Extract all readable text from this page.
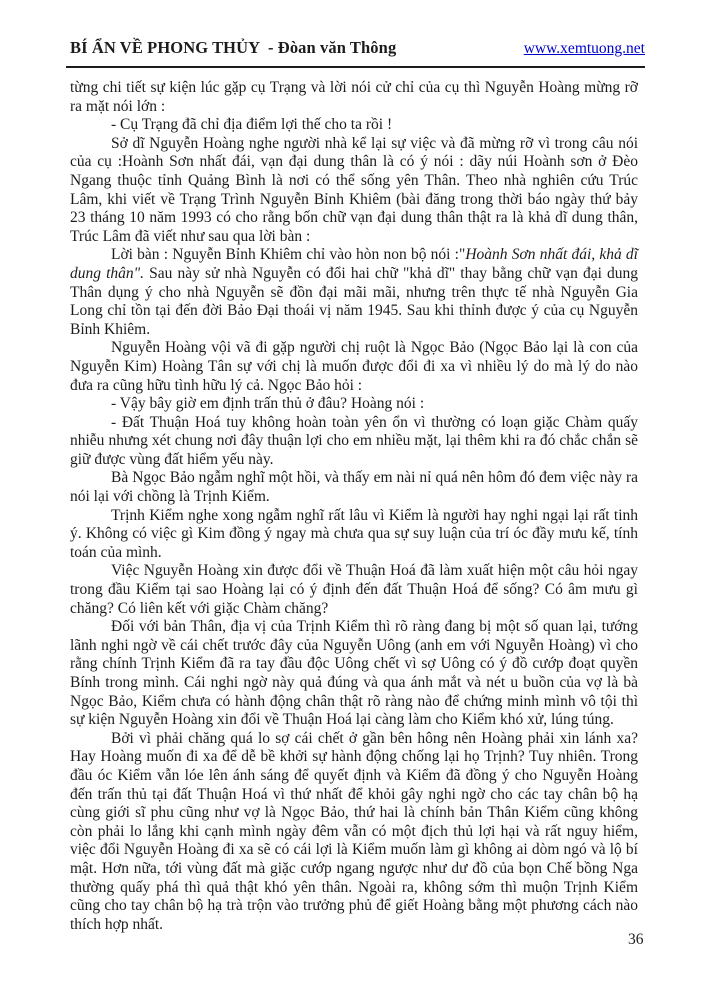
BÍ ẨN VỀ PHONG THỦY  - Đòan văn Thông	www.xemtuong.net

từng chi tiết sự kiện lúc gặp cụ Trạng và lời nói cử chỉ của cụ thì Nguyễn Hoàng mừng rỡ ra mặt nói lớn :

- Cụ Trạng đã chỉ địa điểm lợi thế cho ta rồi !

Sở dĩ Nguyễn Hoàng nghe người nhà kể lại sự việc và đã mừng rỡ vì trong câu nói của cụ :Hoành Sơn nhất đái, vạn đại dung thân là có ý nói : dãy núi Hoành sơn ở Đèo Ngang thuộc tỉnh Quảng Bình là nơi có thể sống yên Thân. Theo nhà nghiên cứu Trúc Lâm, khi viết về Trạng Trình Nguyễn Bỉnh Khiêm (bài đăng trong thời báo ngày thứ bảy 23 tháng 10 năm 1993 có cho rằng bốn chữ vạn đại dung thân thật ra là khả dĩ dung thân, Trúc Lâm đã viết như sau qua lời bàn :

Lời bàn : Nguyễn Bỉnh Khiêm chỉ vào hòn non bộ nói :"Hoành Sơn nhất đái, khả dĩ dung thân". Sau này sử nhà Nguyễn có đổi hai chữ "khả dĩ" thay bằng chữ vạn đại dung Thân dụng ý cho nhà Nguyễn sẽ đồn đại mãi mãi, nhưng trên thực tế nhà Nguyễn Gia Long chỉ tồn tại đến đời Bảo Đại thoái vị năm 1945. Sau khi thỉnh được ý của cụ Nguyễn Bỉnh Khiêm.

Nguyễn Hoàng vội vã đi gặp người chị ruột là Ngọc Bảo (Ngọc Bảo lại là con của Nguyễn Kim) Hoàng Tân sự với chị là muốn được đổi đi xa vì nhiều lý do mà lý do nào đưa ra cũng hữu tình hữu lý cả. Ngọc Bảo hỏi :

- Vậy bây giờ em định trấn thủ ở đâu? Hoàng nói :

- Đất Thuận Hoá tuy không hoàn toàn yên ổn vì thường có loạn giặc Chàm quấy nhiễu nhưng xét chung nơi đây thuận lợi cho em nhiều mặt, lại thêm khi ra đó chắc chắn sẽ giữ được vùng đất hiểm yếu này.

Bà Ngọc Bảo ngẫm nghĩ một hồi, và thấy em nài nỉ quá nên hôm đó đem việc này ra nói lại với chồng là Trịnh Kiểm.

Trịnh Kiểm nghe xong ngẫm nghĩ rất lâu vì Kiểm là người hay nghi ngại lại rất tinh ý. Không có việc gì Kim đồng ý ngay mà chưa qua sự suy luận của trí óc đầy mưu kế, tính toán của mình.

Việc Nguyễn Hoàng xin được đổi về Thuận Hoá đã làm xuất hiện một câu hỏi ngay trong đầu Kiểm tại sao Hoàng lại có ý định đến đất Thuận Hoá để sống? Có âm mưu gì chăng? Có liên kết với giặc Chàm chăng?

Đối với bản Thân, địa vị của Trịnh Kiểm thì rõ ràng đang bị một số quan lại, tướng lãnh nghi ngờ về cái chết trước đây của Nguyễn Uông (anh em với Nguyễn Hoàng) vì cho rằng chính Trịnh Kiểm đã ra tay đầu độc Uông chết vì sợ Uông có ý đồ cướp đoạt quyền Bính trong mình. Cái nghi ngờ này quả đúng và qua ánh mắt và nét u buồn của vợ là bà Ngọc Bảo, Kiểm chưa có hành động chân thật rõ ràng nào để chứng minh mình vô tội thì sự kiện Nguyễn Hoàng xin đổi về Thuận Hoá lại càng làm cho Kiểm khó xử, lúng túng.

Bởi vì phải chăng quá lo sợ cái chết ở gần bên hông nên Hoàng phải xin lánh xa? Hay Hoàng muốn đi xa để dễ bề khởi sự hành động chống lại họ Trịnh? Tuy nhiên. Trong đầu óc Kiểm vẫn lóe lên ánh sáng để quyết định và Kiểm đã đồng ý cho Nguyễn Hoàng đến trấn thủ tại đất Thuận Hoá vì thứ nhất để khỏi gây nghi ngờ cho các tay chân bộ hạ cùng giới sĩ phu cũng như vợ là Ngọc Bảo, thứ hai là chính bản Thân Kiểm cũng không còn phải lo lắng khi cạnh mình ngày đêm vẫn có một địch thủ lợi hại và rất nguy hiểm, việc đổi Nguyễn Hoàng đi xa sẽ có cái lợi là Kiểm muốn làm gì không ai dòm ngó và lộ bí mật. Hơn nữa, tới vùng đất mà giặc cướp ngang ngược như dư đồ của bọn Chế bồng Nga thường quấy phá thì quả thật khó yên thân. Ngoài ra, không sớm thì muộn Trịnh Kiểm cũng cho tay chân bộ hạ trà trộn vào trưởng phủ để giết Hoàng bằng một phương cách nào thích hợp nhất.

36
